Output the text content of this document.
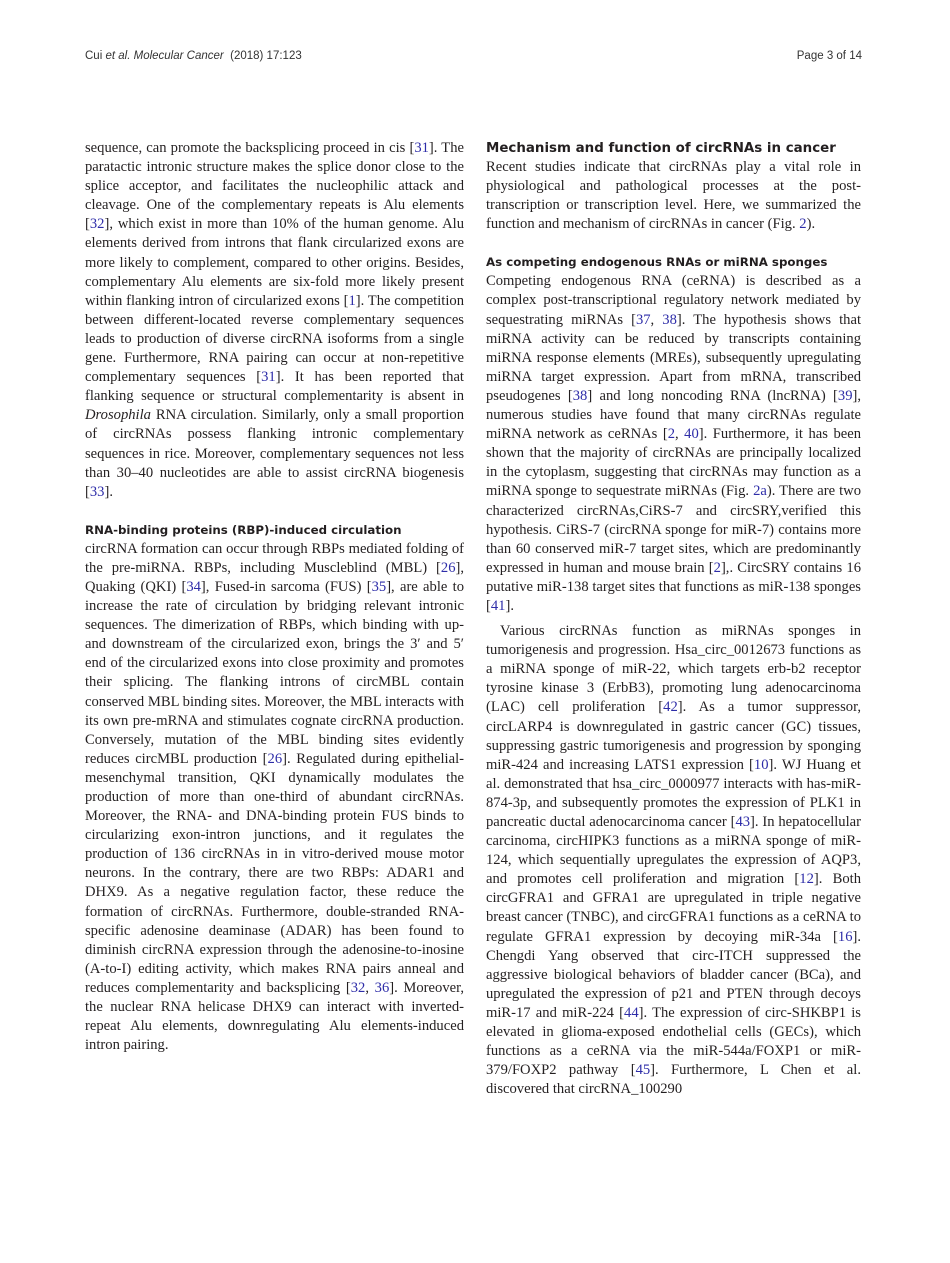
Cui et al. Molecular Cancer (2018) 17:123	Page 3 of 14

sequence, can promote the backsplicing proceed in cis [31]. The paratactic intronic structure makes the splice donor close to the splice acceptor, and facilitates the nucleophilic attack and cleavage. One of the complementary repeats is Alu elements [32], which exist in more than 10% of the human genome. Alu elements derived from introns that flank circularized exons are more likely to complement, compared to other origins. Besides, complementary Alu elements are six-fold more likely present within flanking intron of circularized exons [1]. The competition between different-located reverse complementary sequences leads to production of diverse circRNA isoforms from a single gene. Furthermore, RNA pairing can occur at non-repetitive complementary sequences [31]. It has been reported that flanking sequence or structural complementarity is absent in Drosophila RNA circulation. Similarly, only a small proportion of circRNAs possess flanking intronic complementary sequences in rice. Moreover, complementary sequences not less than 30–40 nucleotides are able to assist circRNA biogenesis [33].

RNA-binding proteins (RBP)-induced circulation

circRNA formation can occur through RBPs mediated folding of the pre-miRNA. RBPs, including Muscleblind (MBL) [26], Quaking (QKI) [34], Fused-in sarcoma (FUS) [35], are able to increase the rate of circulation by bridging relevant intronic sequences. The dimerization of RBPs, which binding with up- and downstream of the circularized exon, brings the 3′ and 5′ end of the circularized exons into close proximity and promotes their splicing. The flanking introns of circMBL contain conserved MBL binding sites. Moreover, the MBL interacts with its own pre-mRNA and stimulates cognate circRNA production. Conversely, mutation of the MBL binding sites evidently reduces circMBL production [26]. Regulated during epithelial-mesenchymal transition, QKI dynamically modulates the production of more than one-third of abundant circRNAs. Moreover, the RNA- and DNA-binding protein FUS binds to circularizing exon-intron junctions, and it regulates the production of 136 circRNAs in in vitro-derived mouse motor neurons. In the contrary, there are two RBPs: ADAR1 and DHX9. As a negative regulation factor, these reduce the formation of circRNAs. Furthermore, double-stranded RNA-specific adenosine deaminase (ADAR) has been found to diminish circRNA expression through the adenosine-to-inosine (A-to-I) editing activity, which makes RNA pairs anneal and reduces complementarity and backsplicing [32, 36]. Moreover, the nuclear RNA helicase DHX9 can interact with inverted-repeat Alu elements, downregulating Alu elements-induced intron pairing.

Mechanism and function of circRNAs in cancer

Recent studies indicate that circRNAs play a vital role in physiological and pathological processes at the post-transcription or transcription level. Here, we summarized the function and mechanism of circRNAs in cancer (Fig. 2).

As competing endogenous RNAs or miRNA sponges

Competing endogenous RNA (ceRNA) is described as a complex post-transcriptional regulatory network mediated by sequestrating miRNAs [37, 38]. The hypothesis shows that miRNA activity can be reduced by transcripts containing miRNA response elements (MREs), subsequently upregulating miRNA target expression. Apart from mRNA, transcribed pseudogenes [38] and long noncoding RNA (lncRNA) [39], numerous studies have found that many circRNAs regulate miRNA network as ceRNAs [2, 40]. Furthermore, it has been shown that the majority of circRNAs are principally localized in the cytoplasm, suggesting that circRNAs may function as a miRNA sponge to sequestrate miRNAs (Fig. 2a). There are two characterized circRNAs,CiRS-7 and circSRY,verified this hypothesis. CiRS-7 (circRNA sponge for miR-7) contains more than 60 conserved miR-7 target sites, which are predominantly expressed in human and mouse brain [2],. CircSRY contains 16 putative miR-138 target sites that functions as miR-138 sponges [41].

Various circRNAs function as miRNAs sponges in tumorigenesis and progression. Hsa_circ_0012673 functions as a miRNA sponge of miR-22, which targets erb-b2 receptor tyrosine kinase 3 (ErbB3), promoting lung adenocarcinoma (LAC) cell proliferation [42]. As a tumor suppressor, circLARP4 is downregulated in gastric cancer (GC) tissues, suppressing gastric tumorigenesis and progression by sponging miR-424 and increasing LATS1 expression [10]. WJ Huang et al. demonstrated that hsa_circ_0000977 interacts with has-miR-874-3p, and subsequently promotes the expression of PLK1 in pancreatic ductal adenocarcinoma cancer [43]. In hepatocellular carcinoma, circHIPK3 functions as a miRNA sponge of miR-124, which sequentially upregulates the expression of AQP3, and promotes cell proliferation and migration [12]. Both circGFRA1 and GFRA1 are upregulated in triple negative breast cancer (TNBC), and circGFRA1 functions as a ceRNA to regulate GFRA1 expression by decoying miR-34a [16]. Chengdi Yang observed that circ-ITCH suppressed the aggressive biological behaviors of bladder cancer (BCa), and upregulated the expression of p21 and PTEN through decoys miR-17 and miR-224 [44]. The expression of circ-SHKBP1 is elevated in glioma-exposed endothelial cells (GECs), which functions as a ceRNA via the miR-544a/FOXP1 or miR-379/FOXP2 pathway [45]. Furthermore, L Chen et al. discovered that circRNA_100290
